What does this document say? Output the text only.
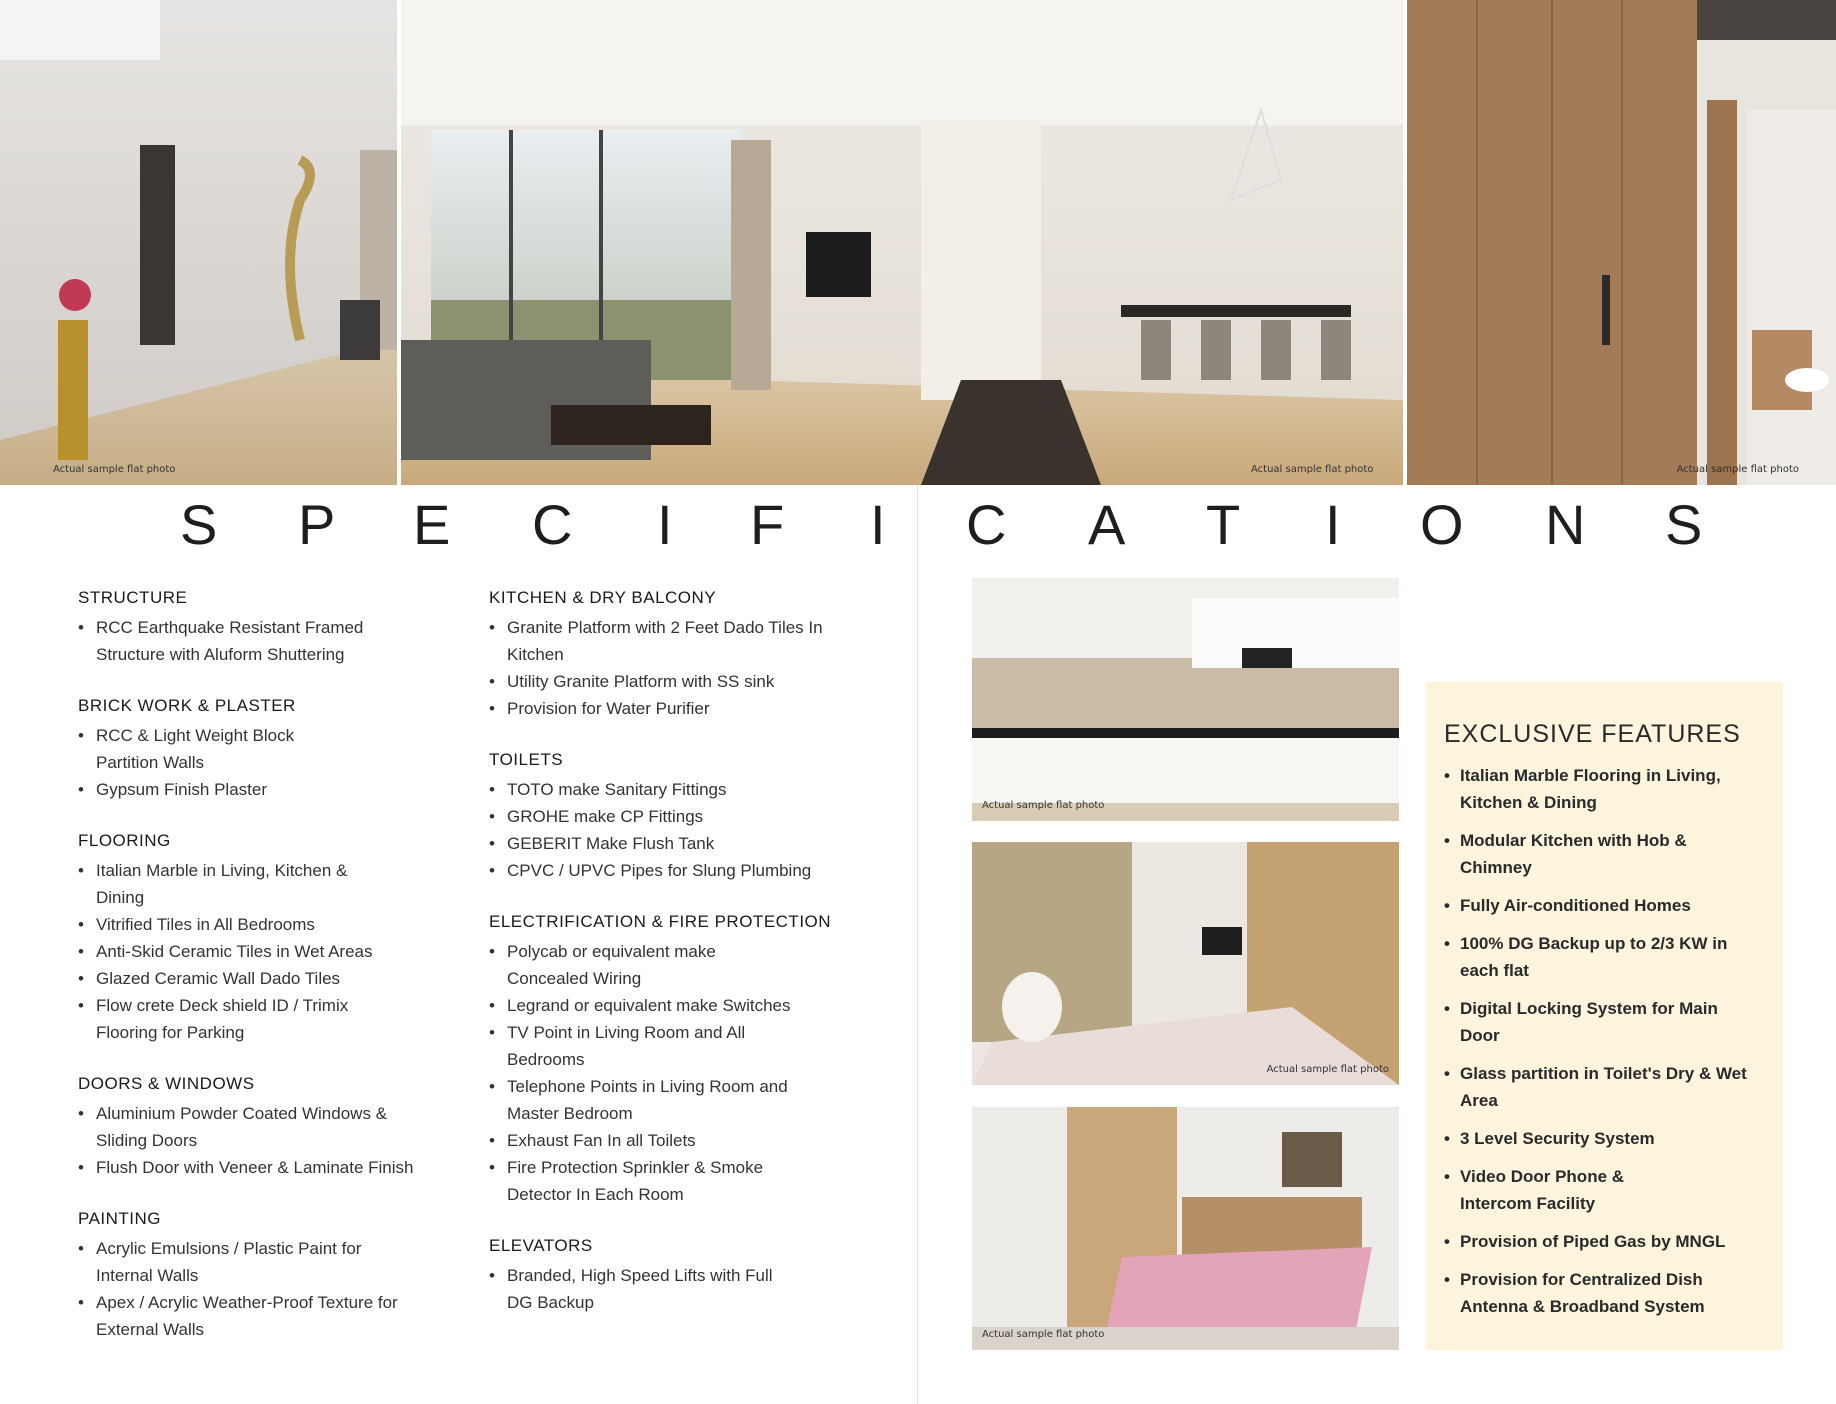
Actual sample flat photo	Actual sample flat photo	Actual sample flat photo
S P E C I F I C A T I O N S
STRUCTURE
• RCC Earthquake Resistant Framed Structure with Aluform Shuttering
BRICK WORK & PLASTER
• RCC & Light Weight Block Partition Walls
• Gypsum Finish Plaster
FLOORING
• Italian Marble in Living, Kitchen & Dining
• Vitrified Tiles in All Bedrooms
• Anti-Skid Ceramic Tiles in Wet Areas
• Glazed Ceramic Wall Dado Tiles
• Flow crete Deck shield ID / Trimix Flooring for Parking
DOORS & WINDOWS
• Aluminium Powder Coated Windows & Sliding Doors
• Flush Door with Veneer & Laminate Finish
PAINTING
• Acrylic Emulsions / Plastic Paint for Internal Walls
• Apex / Acrylic Weather-Proof Texture for External Walls
KITCHEN & DRY BALCONY
• Granite Platform with 2 Feet Dado Tiles In Kitchen
• Utility Granite Platform with SS sink
• Provision for Water Purifier
TOILETS
• TOTO make Sanitary Fittings
• GROHE make CP Fittings
• GEBERIT Make Flush Tank
• CPVC / UPVC Pipes for Slung Plumbing
ELECTRIFICATION & FIRE PROTECTION
• Polycab or equivalent make Concealed Wiring
• Legrand or equivalent make Switches
• TV Point in Living Room and All Bedrooms
• Telephone Points in Living Room and Master Bedroom
• Exhaust Fan In all Toilets
• Fire Protection Sprinkler & Smoke Detector In Each Room
ELEVATORS
• Branded, High Speed Lifts with Full DG Backup
Actual sample flat photo
Actual sample flat photo
Actual sample flat photo
EXCLUSIVE FEATURES
• Italian Marble Flooring in Living, Kitchen & Dining
• Modular Kitchen with Hob & Chimney
• Fully Air-conditioned Homes
• 100% DG Backup up to 2/3 KW in each flat
• Digital Locking System for Main Door
• Glass partition in Toilet's Dry & Wet Area
• 3 Level Security System
• Video Door Phone & Intercom Facility
• Provision of Piped Gas by MNGL
• Provision for Centralized Dish Antenna & Broadband System
